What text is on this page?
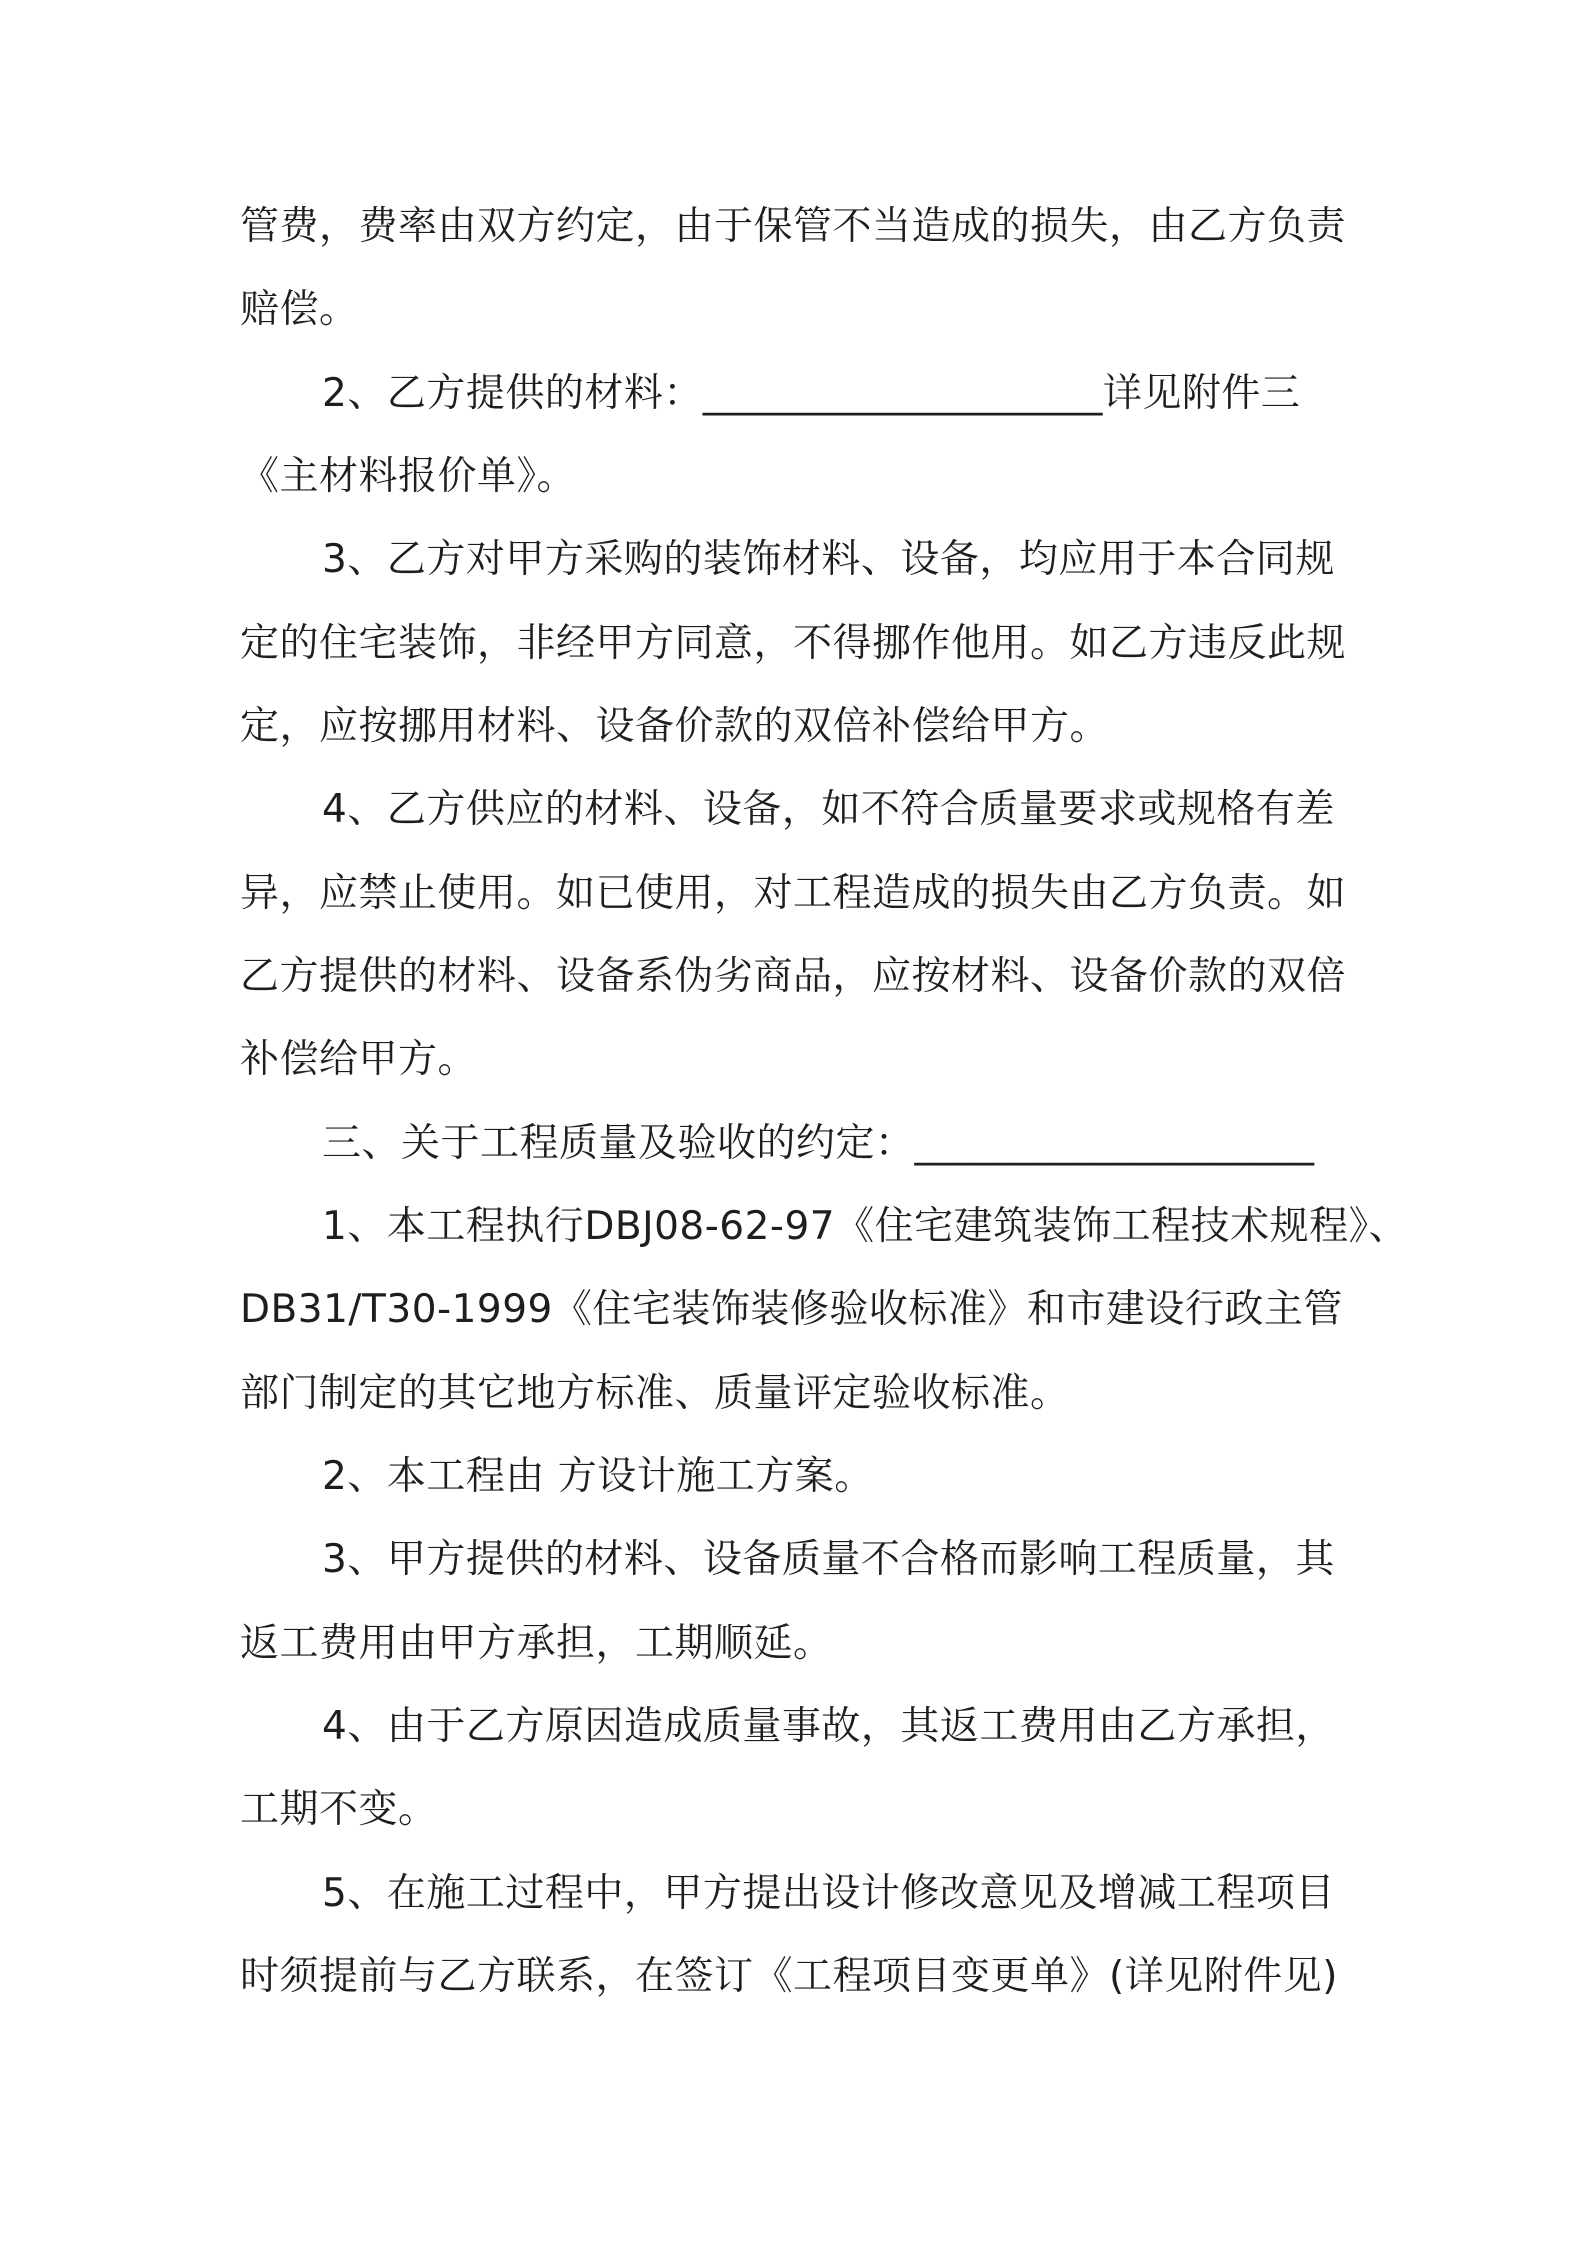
管费，费率由双方约定，由于保管不当造成的损失，由乙方负责
赔偿。
2、乙方提供的材料：____________________详见附件三
《主材料报价单》。
3、乙方对甲方采购的装饰材料、设备，均应用于本合同规
定的住宅装饰，非经甲方同意，不得挪作他用。如乙方违反此规
定，应按挪用材料、设备价款的双倍补偿给甲方。
4、乙方供应的材料、设备，如不符合质量要求或规格有差
异，应禁止使用。如已使用，对工程造成的损失由乙方负责。如
乙方提供的材料、设备系伪劣商品，应按材料、设备价款的双倍
补偿给甲方。
三、关于工程质量及验收的约定：____________________
1、本工程执行DBJ08-62-97《住宅建筑装饰工程技术规程》、
DB31/T30-1999《住宅装饰装修验收标准》和市建设行政主管
部门制定的其它地方标准、质量评定验收标准。
2、本工程由 方设计施工方案。
3、甲方提供的材料、设备质量不合格而影响工程质量，其
返工费用由甲方承担，工期顺延。
4、由于乙方原因造成质量事故，其返工费用由乙方承担，
工期不变。
5、在施工过程中，甲方提出设计修改意见及增减工程项目
时须提前与乙方联系，在签订《工程项目变更单》(详见附件见)
